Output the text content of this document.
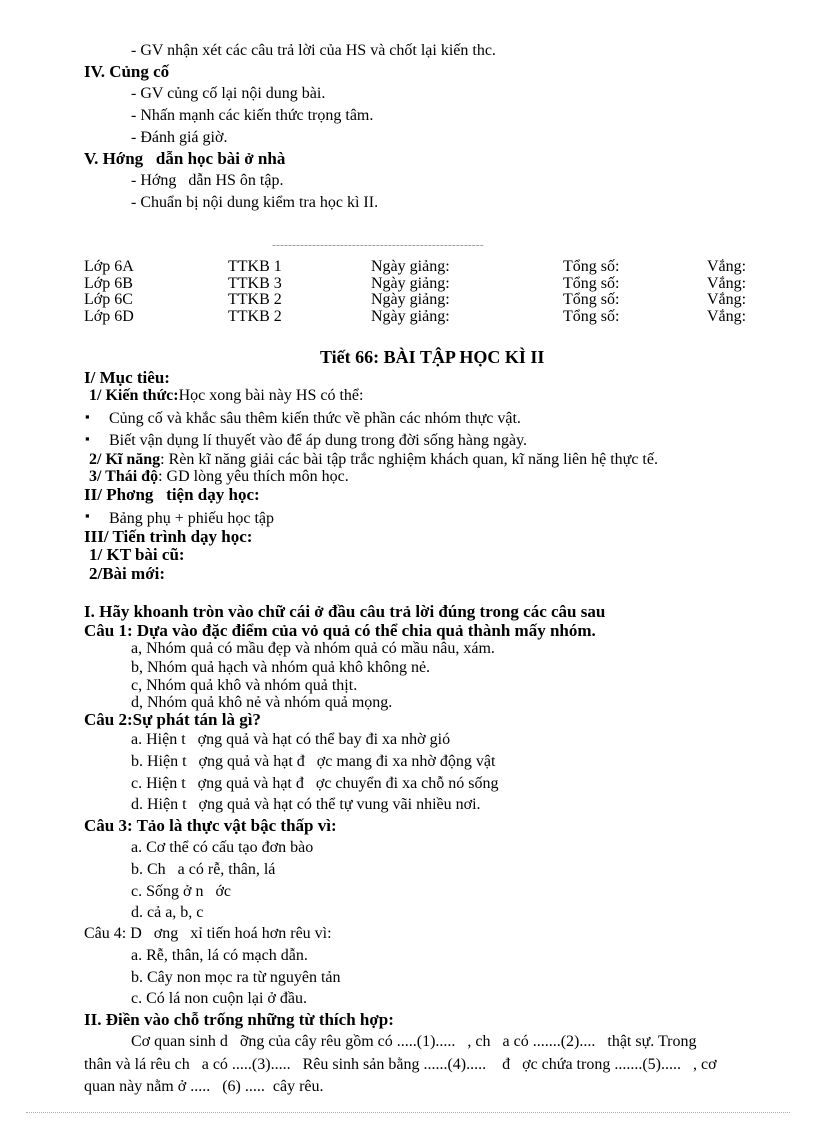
- GV nhận xét các câu trả lời của HS và chốt lại kiến thc.
IV. Củng cố
- GV củng cố lại nội dung bài.
- Nhấn mạnh các kiến thức trọng tâm.
- Đánh giá giờ.
V. Hớng   dẫn học bài ở nhà
- Hớng   dẫn HS ôn tập.
- Chuẩn bị nội dung kiểm tra học kì II.
-----------------------------------------------------
Lớp 6A	TTKB 1	Ngày giảng:	Tổng số:	Vắng:
Lớp 6B	TTKB 3	Ngày giảng:	Tổng số:	Vắng:
Lớp 6C	TTKB 2	Ngày giảng:	Tổng số:	Vắng:
Lớp 6D	TTKB 2	Ngày giảng:	Tổng số:	Vắng:
Tiết 66: BÀI TẬP HỌC KÌ II
I/ Mục tiêu:
1/ Kiến thức:Học xong bài này HS có thể:
▪ Củng cố và khắc sâu thêm kiến thức về phần các nhóm thực vật.
▪ Biết vận dụng lí thuyết vào để áp dung trong đời sống hàng ngày.
2/ Kĩ năng: Rèn kĩ năng giải các bài tập trắc nghiệm khách quan, kĩ năng liên hệ thực tế.
3/ Thái độ: GD lòng yêu thích môn học.
II/ Phơng   tiện dạy học:
▪ Bảng phụ + phiếu học tập
III/ Tiến trình dạy học:
1/ KT bài cũ:
2/Bài mới:
I. Hãy khoanh tròn vào chữ cái ở đầu câu trả lời đúng trong các câu sau
Câu 1: Dựa vào đặc điểm của vỏ quả có thể chia quả thành mấy nhóm.
a, Nhóm quả có mầu đẹp và nhóm quả có mầu nâu, xám.
b, Nhóm quả hạch và nhóm quả khô không nẻ.
c, Nhóm quả khô và nhóm quả thịt.
d, Nhóm quả khô nẻ và nhóm quả mọng.
Câu 2:Sự phát tán là gì?
a. Hiện t   ợng quả và hạt có thể bay đi xa nhờ gió
b. Hiện t   ợng quả và hạt đ   ợc mang đi xa nhờ động vật
c. Hiện t   ợng quả và hạt đ   ợc chuyển đi xa chỗ nó sống
d. Hiện t   ợng quả và hạt có thể tự vung vãi nhiều nơi.
Câu 3: Tảo là thực vật bậc thấp vì:
a. Cơ thể có cấu tạo đơn bào
b. Ch   a có rễ, thân, lá
c. Sống ở n   ớc
d. cả a, b, c
Câu 4: D   ơng   xỉ tiến hoá hơn rêu vì:
a. Rễ, thân, lá có mạch dẫn.
b. Cây non mọc ra từ nguyên tản
c. Có lá non cuộn lại ở đầu.
II. Điền vào chỗ trống những từ thích hợp:
Cơ quan sinh d   ỡng của cây rêu gồm có .....(1).....   , ch   a có .......(2)....   thật sự. Trong
thân và lá rêu ch   a có .....(3).....   Rêu sinh sản bằng ......(4).....    đ   ợc chứa trong .......(5).....   , cơ
quan này nằm ở .....   (6) .....  cây rêu.
